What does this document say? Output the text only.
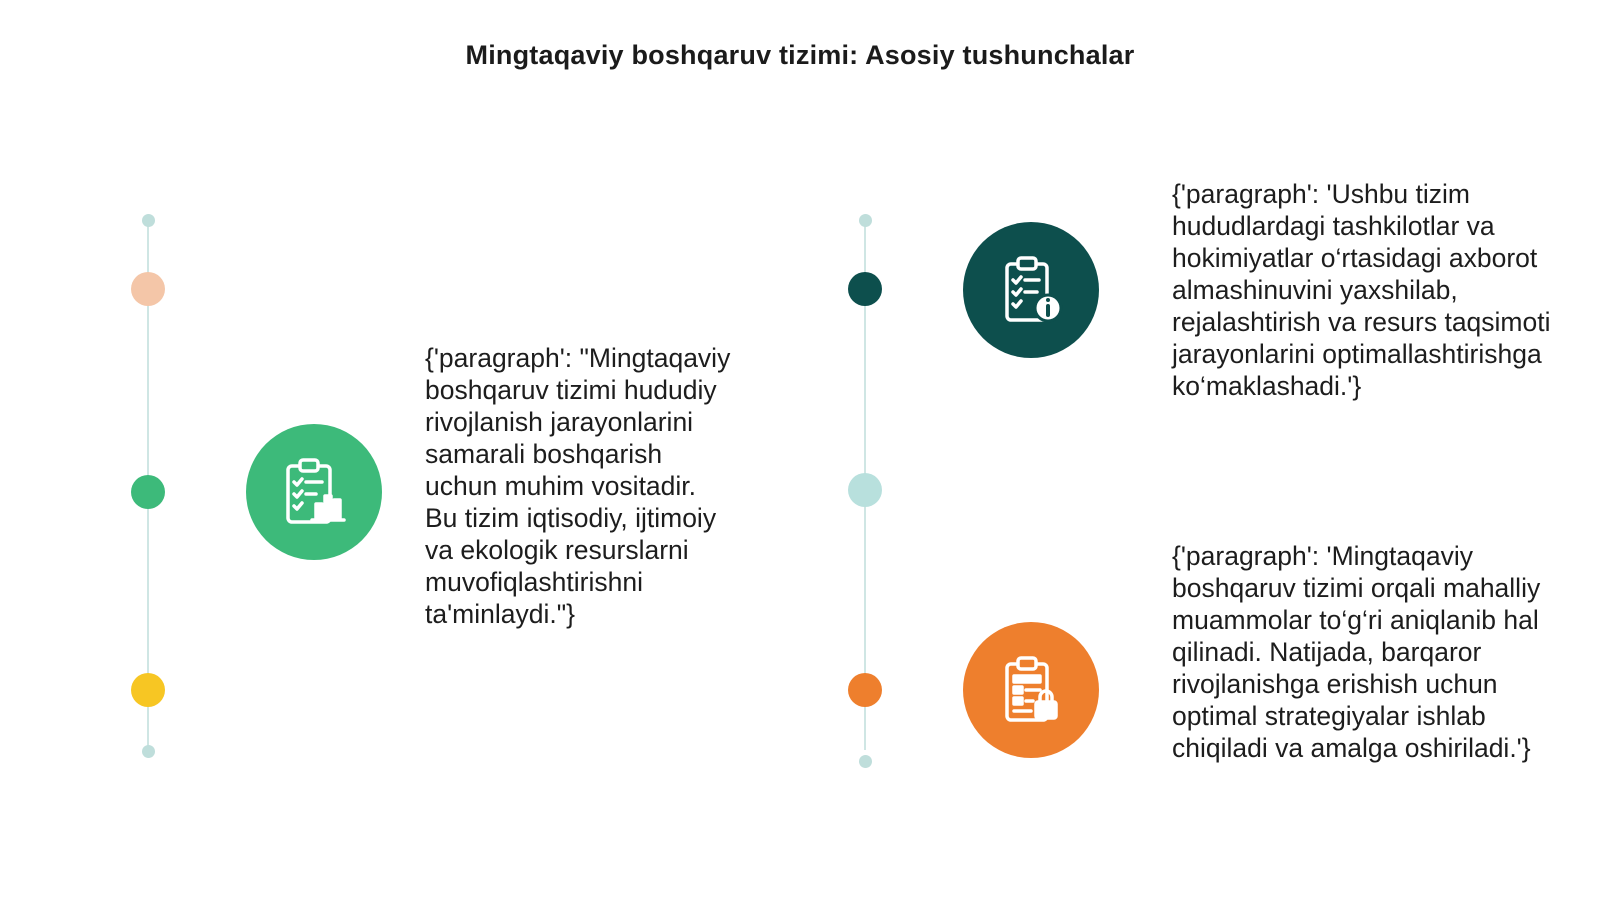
Mingtaqaviy boshqaruv tizimi: Asosiy tushunchalar
{'paragraph': "Mingtaqaviy boshqaruv tizimi hududiy rivojlanish jarayonlarini samarali boshqarish uchun muhim vositadir. Bu tizim iqtisodiy, ijtimoiy va ekologik resurslarni muvofiqlashtirishni ta'minlaydi."}
{'paragraph': 'Ushbu tizim hududlardagi tashkilotlar va hokimiyatlar o‘rtasidagi axborot almashinuvini yaxshilab, rejalashtirish va resurs taqsimoti jarayonlarini optimallashtirishga ko‘maklashadi.'}
{'paragraph': 'Mingtaqaviy boshqaruv tizimi orqali mahalliy muammolar to‘g‘ri aniqlanib hal qilinadi. Natijada, barqaror rivojlanishga erishish uchun optimal strategiyalar ishlab chiqiladi va amalga oshiriladi.'}
